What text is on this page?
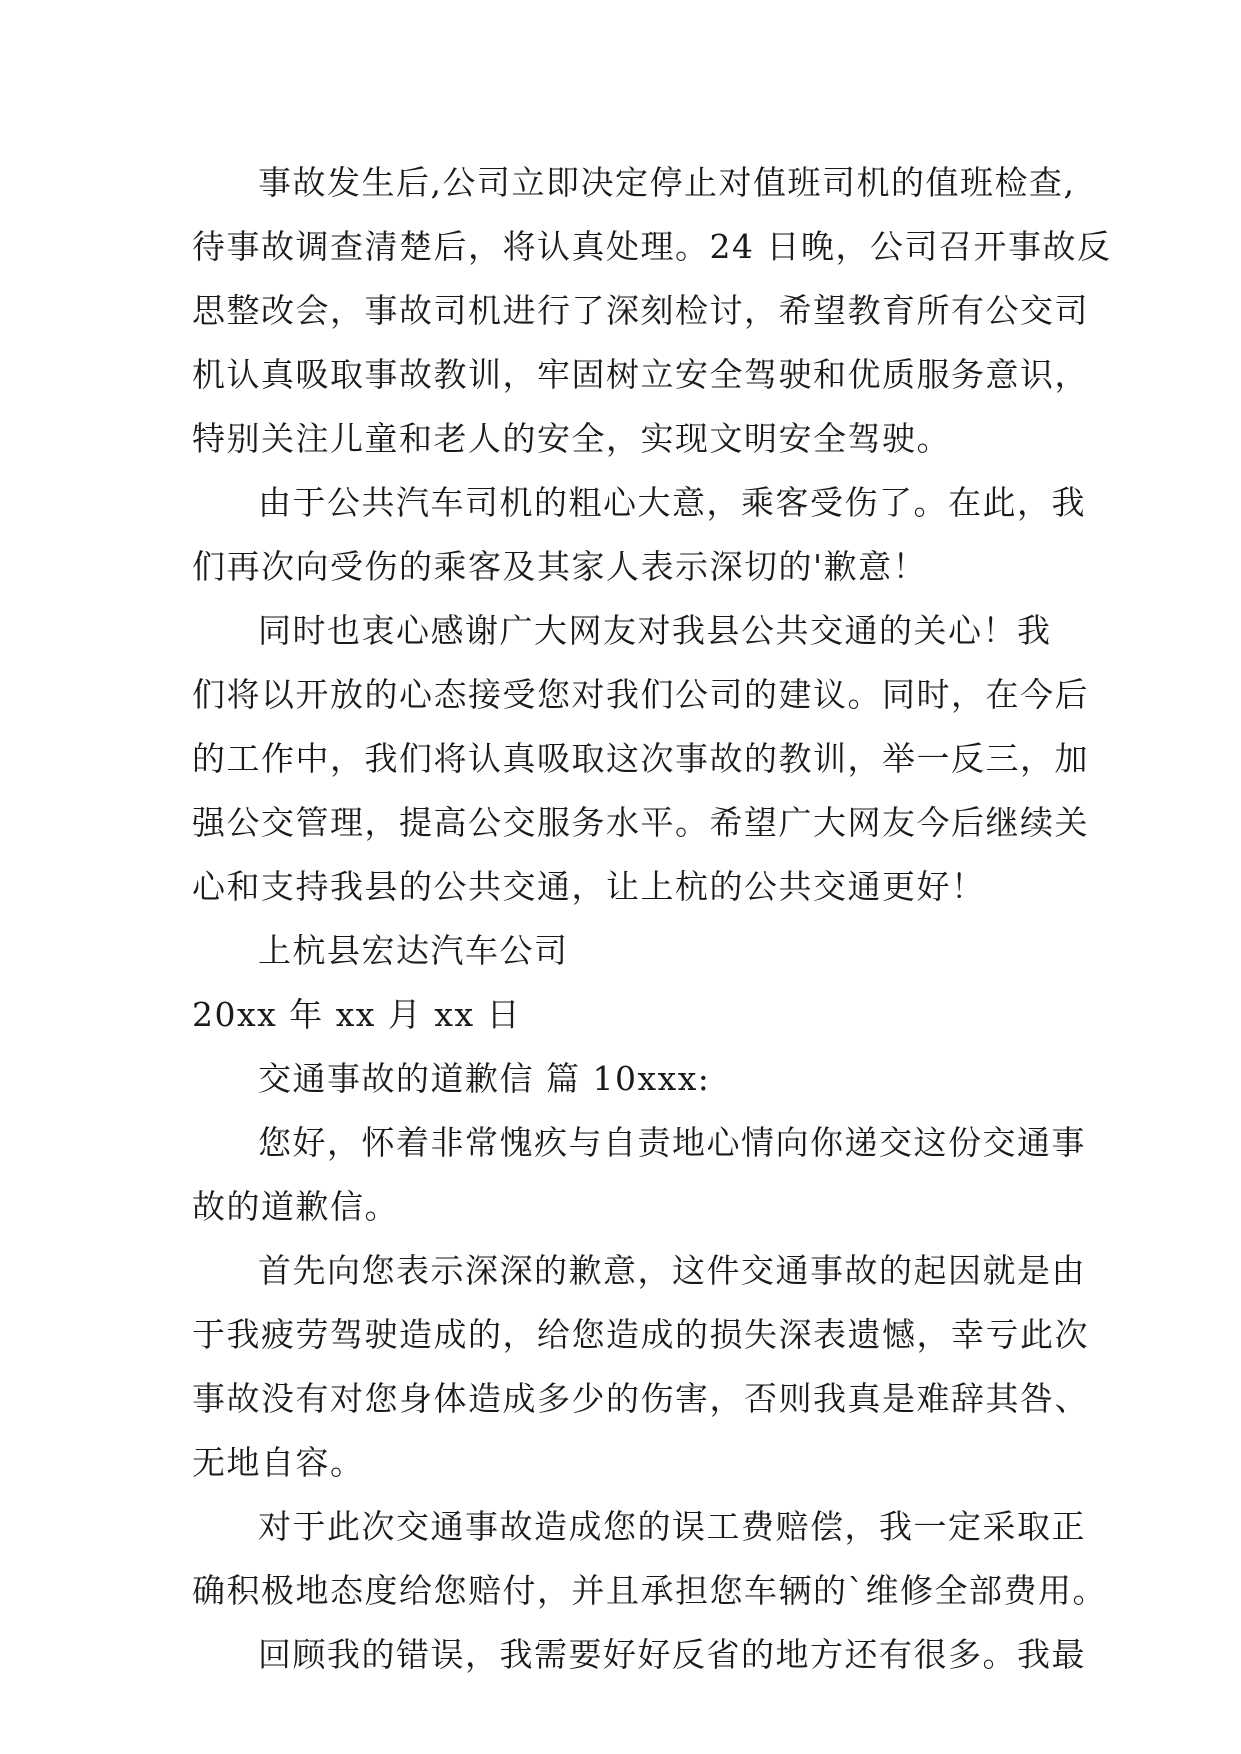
事故发生后,公司立即决定停止对值班司机的值班检查,
待事故调查清楚后，将认真处理。24 日晚，公司召开事故反
思整改会，事故司机进行了深刻检讨，希望教育所有公交司
机认真吸取事故教训，牢固树立安全驾驶和优质服务意识，
特别关注儿童和老人的安全，实现文明安全驾驶。
由于公共汽车司机的粗心大意，乘客受伤了。在此，我
们再次向受伤的乘客及其家人表示深切的'歉意！
同时也衷心感谢广大网友对我县公共交通的关心！我
们将以开放的心态接受您对我们公司的建议。同时，在今后
的工作中，我们将认真吸取这次事故的教训，举一反三，加
强公交管理，提高公交服务水平。希望广大网友今后继续关
心和支持我县的公共交通，让上杭的公共交通更好！
上杭县宏达汽车公司
20xx 年 xx 月 xx 日
交通事故的道歉信 篇 10xxx:
您好，怀着非常愧疚与自责地心情向你递交这份交通事
故的道歉信。
首先向您表示深深的歉意，这件交通事故的起因就是由
于我疲劳驾驶造成的，给您造成的损失深表遗憾，幸亏此次
事故没有对您身体造成多少的伤害，否则我真是难辞其咎、
无地自容。
对于此次交通事故造成您的误工费赔偿，我一定采取正
确积极地态度给您赔付，并且承担您车辆的`维修全部费用。
回顾我的错误，我需要好好反省的地方还有很多。我最
